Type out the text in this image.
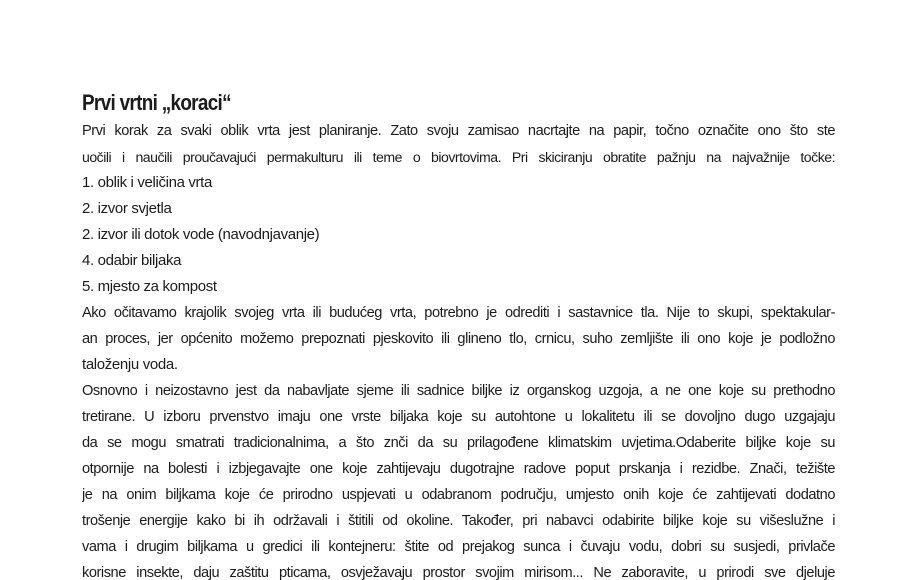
Prvi vrtni „koraci“
Prvi korak za svaki oblik vrta jest planiranje. Zato svoju zamisao nacrtajte na papir, točno označite ono što ste
uočili i naučili proučavajući permakulturu ili teme o biovrtovima. Pri skiciranju obratite pažnju na najvažnije točke:
1. oblik i veličina vrta
2. izvor svjetla
2. izvor ili dotok vode (navodnjavanje)
4. odabir biljaka
5. mjesto za kompost
Ako očitavamo krajolik svojeg vrta ili budućeg vrta, potrebno je odrediti i sastavnice tla. Nije to skupi, spektakular-
an proces, jer općenito možemo prepoznati pjeskovito ili glineno tlo, crnicu, suho zemljište ili ono koje je podložno
taloženju voda.
Osnovno i neizostavno jest da nabavljate sjeme ili sadnice biljke iz organskog uzgoja, a ne one koje su prethodno
tretirane. U izboru prvenstvo imaju one vrste biljaka koje su autohtone u lokalitetu ili se dovoljno dugo uzgajaju
da se mogu smatrati tradicionalnima, a što znči da su prilagođene klimatskim uvjetima.Odaberite biljke koje su
otpornije na bolesti i izbjegavajte one koje zahtijevaju dugotrajne radove poput prskanja i rezidbe. Znači, težište
je na onim biljkama koje će prirodno uspjevati u odabranom području, umjesto onih koje će zahtijevati dodatno
trošenje energije kako bi ih održavali i štitili od okoline. Također, pri nabavci odabirite biljke koje su višeslužne i
vama i drugim biljkama u gredici ili kontejneru: štite od prejakog sunca i čuvaju vodu, dobri su susjedi, privlače
korisne insekte, daju zaštitu pticama, osvježavaju prostor svojim mirisom... Ne zaboravite, u prirodi sve djeluje
